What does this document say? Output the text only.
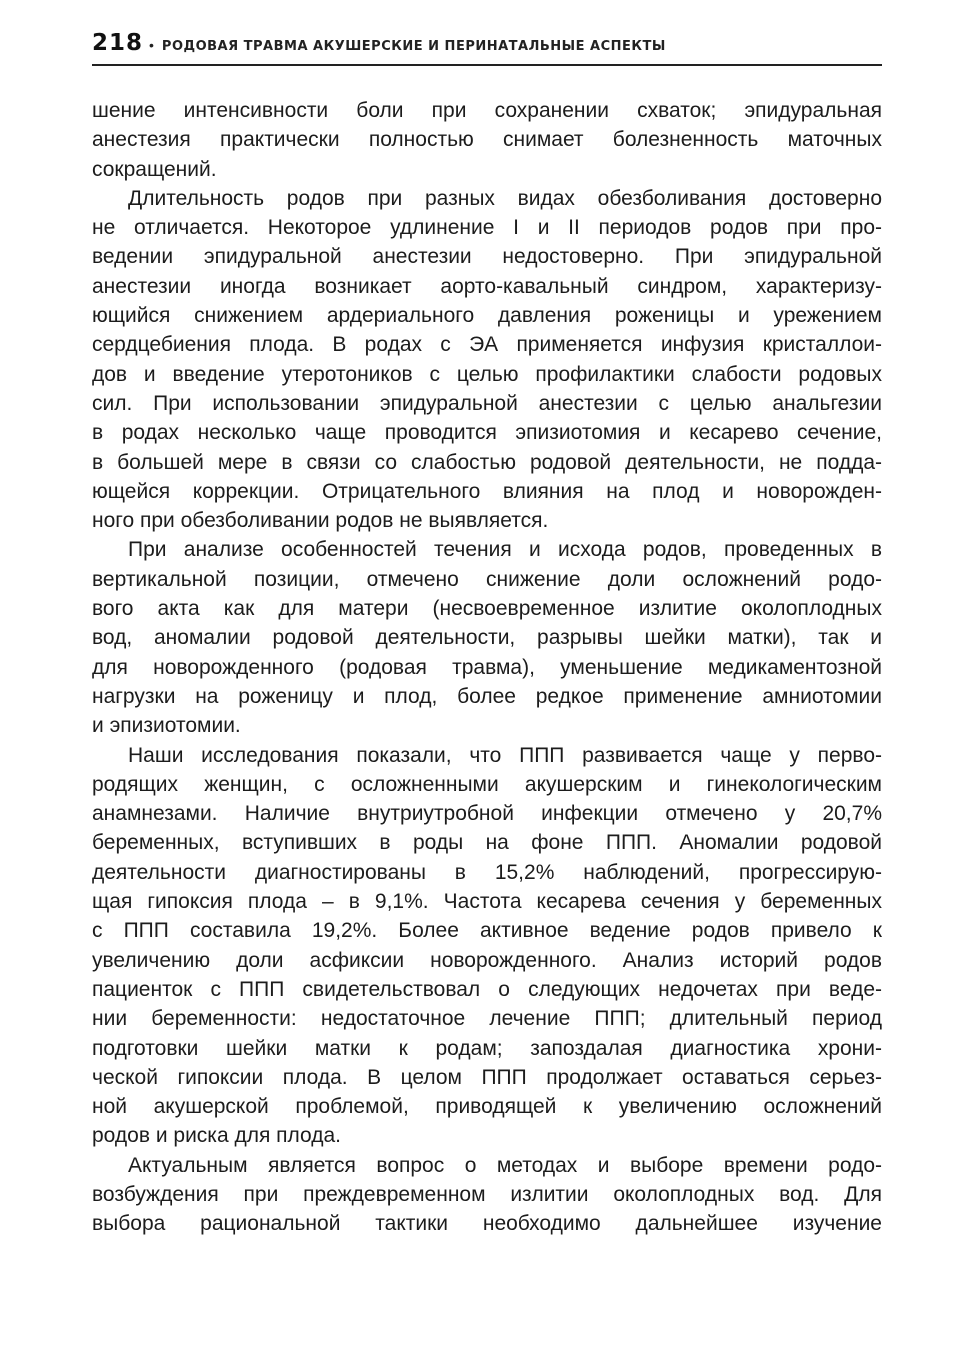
218 • РОДОВАЯ ТРАВМА АКУШЕРСКИЕ И ПЕРИНАТАЛЬНЫЕ АСПЕКТЫ
шение интенсивности боли при сохранении схваток; эпидуральная
анестезия практически полностью снимает болезненность маточных
сокращений.
Длительность родов при разных видах обезболивания достоверно
не отличается. Некоторое удлинение I и II периодов родов при про-
ведении эпидуральной анестезии недостоверно. При эпидуральной
анестезии иногда возникает аорто-кавальный синдром, характеризу-
ющийся снижением ардериального давления роженицы и урежением
сердцебиения плода. В родах с ЭА применяется инфузия кристаллои-
дов и введение утеротоников с целью профилактики слабости родовых
сил. При использовании эпидуральной анестезии с целью анальгезии
в родах несколько чаще проводится эпизиотомия и кесарево сечение,
в большей мере в связи со слабостью родовой деятельности, не подда-
ющейся коррекции. Отрицательного влияния на плод и новорожден-
ного при обезболивании родов не выявляется.
При анализе особенностей течения и исхода родов, проведенных в
вертикальной позиции, отмечено снижение доли осложнений родо-
вого акта как для матери (несвоевременное излитие околоплодных
вод, аномалии родовой деятельности, разрывы шейки матки), так и
для новорожденного (родовая травма), уменьшение медикаментозной
нагрузки на роженицу и плод, более редкое применение амниотомии
и эпизиотомии.
Наши исследования показали, что ППП развивается чаще у перво-
родящих женщин, с осложненными акушерским и гинекологическим
анамнезами. Наличие внутриутробной инфекции отмечено у 20,7%
беременных, вступивших в роды на фоне ППП. Аномалии родовой
деятельности диагностированы в 15,2% наблюдений, прогрессирую-
щая гипоксия плода – в 9,1%. Частота кесарева сечения у беременных
с ППП составила 19,2%. Более активное ведение родов привело к
увеличению доли асфиксии новорожденного. Анализ историй родов
пациенток с ППП свидетельствовал о следующих недочетах при веде-
нии беременности: недостаточное лечение ППП; длительный период
подготовки шейки матки к родам; запоздалая диагностика хрони-
ческой гипоксии плода. В целом ППП продолжает оставаться серьез-
ной акушерской проблемой, приводящей к увеличению осложнений
родов и риска для плода.
Актуальным является вопрос о методах и выборе времени родо-
возбуждения при преждевременном излитии околоплодных вод. Для
выбора рациональной тактики необходимо дальнейшее изучение
